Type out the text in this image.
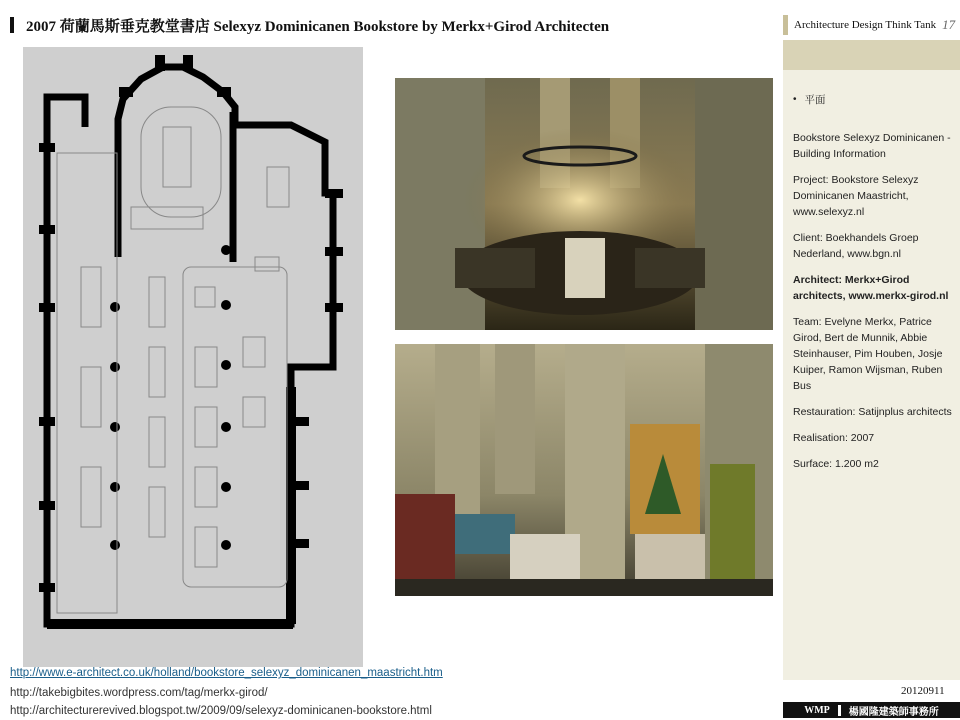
2007 荷蘭馬斯垂克教堂書店 Selexyz Dominicanen Bookstore by Merkx+Girod Architecten	Architecture Design Think Tank 17
• 平面
Bookstore Selexyz Dominicanen - Building Information
Project: Bookstore Selexyz Dominicanen Maastricht, www.selexyz.nl
Client: Boekhandels Groep Nederland, www.bgn.nl
Architect: Merkx+Girod architects, www.merkx-girod.nl
Team: Evelyne Merkx, Patrice Girod, Bert de Munnik, Abbie Steinhauser, Pim Houben, Josje Kuiper, Ramon Wijsman, Ruben Bus
Restauration: Satijnplus architects
Realisation: 2007
Surface: 1.200 m2
http://www.e-architect.co.uk/holland/bookstore_selexyz_dominicanen_maastricht.htm
http://takebigbites.wordpress.com/tag/merkx-girod/
http://architecturerevived.blogspot.tw/2009/09/selexyz-dominicanen-bookstore.html
20120911
WMP 楊國隆建築師事務所
